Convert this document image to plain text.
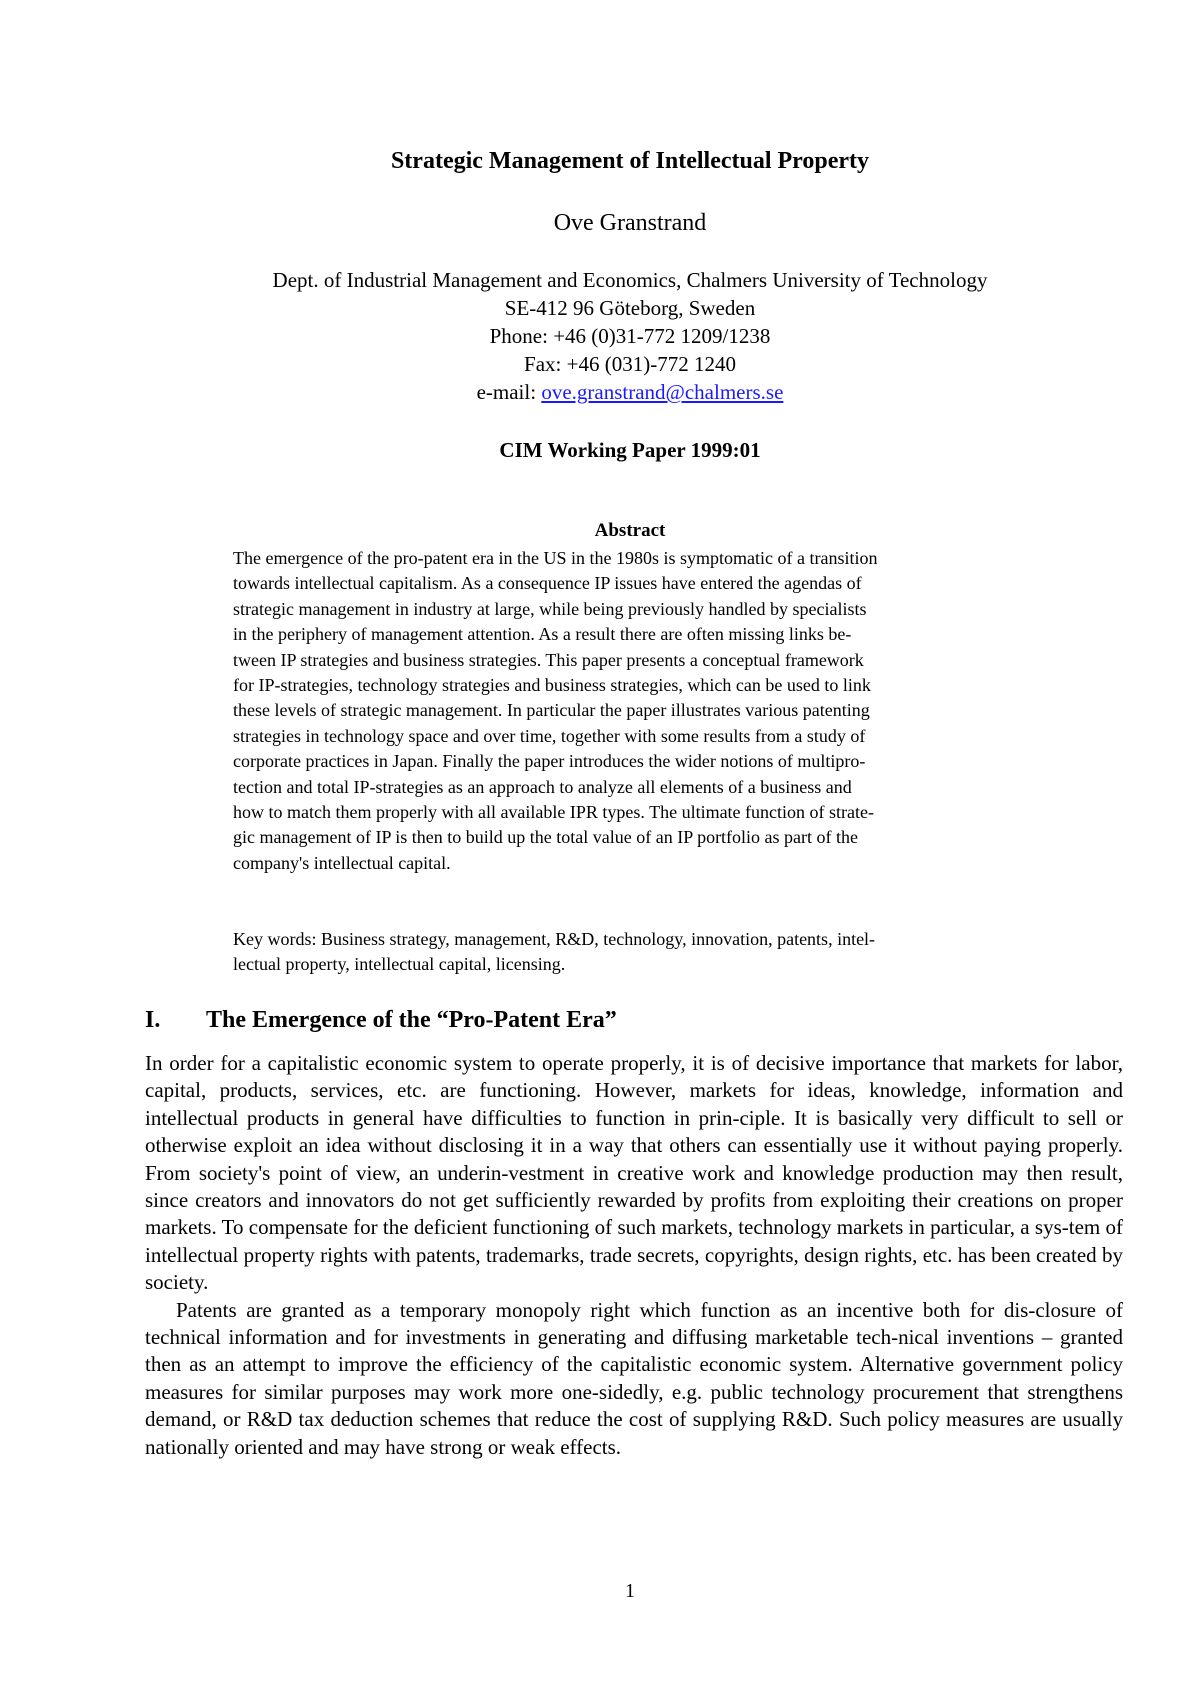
Strategic Management of Intellectual Property
Ove Granstrand
Dept. of Industrial Management and Economics, Chalmers University of Technology
SE-412 96 Göteborg, Sweden
Phone: +46 (0)31-772 1209/1238
Fax: +46 (031)-772 1240
e-mail: ove.granstrand@chalmers.se
CIM Working Paper 1999:01
Abstract
The emergence of the pro-patent era in the US in the 1980s is symptomatic of a transition
towards intellectual capitalism. As a consequence IP issues have entered the agendas of
strategic management in industry at large, while being previously handled by specialists
in the periphery of management attention. As a result there are often missing links be-
tween IP strategies and business strategies. This paper presents a conceptual framework
for IP-strategies, technology strategies and business strategies, which can be used to link
these levels of strategic management. In particular the paper illustrates various patenting
strategies in technology space and over time, together with some results from a study of
corporate practices in Japan. Finally the paper introduces the wider notions of multipro-
tection and total IP-strategies as an approach to analyze all elements of a business and
how to match them properly with all available IPR types. The ultimate function of strate-
gic management of IP is then to build up the total value of an IP portfolio as part of the
company's intellectual capital.
Key words: Business strategy, management, R&D, technology, innovation, patents, intel-
lectual property, intellectual capital, licensing.
I. The Emergence of the “Pro-Patent Era”

In order for a capitalistic economic system to operate properly, it is of decisive importance that markets for labor, capital, products, services, etc. are functioning. However, markets for ideas, knowledge, information and intellectual products in general have difficulties to function in prin-ciple. It is basically very difficult to sell or otherwise exploit an idea without disclosing it in a way that others can essentially use it without paying properly. From society's point of view, an underin-vestment in creative work and knowledge production may then result, since creators and innovators do not get sufficiently rewarded by profits from exploiting their creations on proper markets. To compensate for the deficient functioning of such markets, technology markets in particular, a sys-tem of intellectual property rights with patents, trademarks, trade secrets, copyrights, design rights, etc. has been created by society.

Patents are granted as a temporary monopoly right which function as an incentive both for dis-closure of technical information and for investments in generating and diffusing marketable tech-nical inventions – granted then as an attempt to improve the efficiency of the capitalistic economic system. Alternative government policy measures for similar purposes may work more one-sidedly, e.g. public technology procurement that strengthens demand, or R&D tax deduction schemes that reduce the cost of supplying R&D. Such policy measures are usually nationally oriented and may have strong or weak effects.

1
